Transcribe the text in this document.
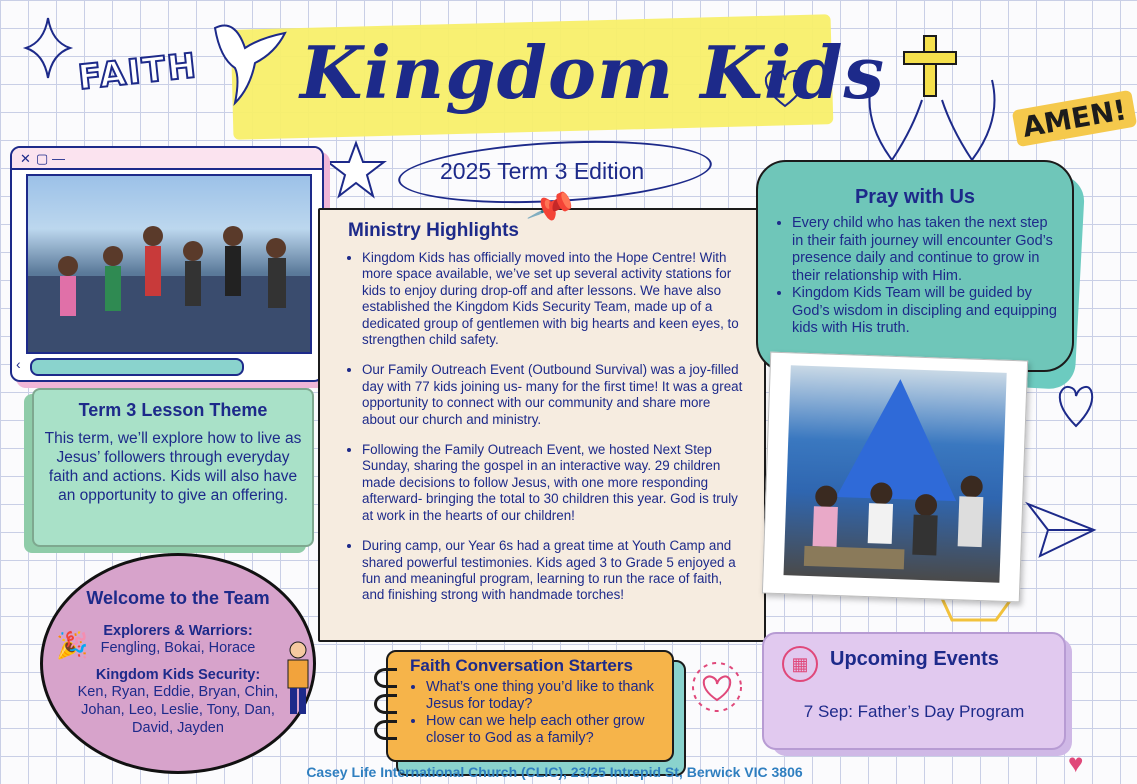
Kingdom Kids
FAITH
AMEN!
2025 Term 3 Edition
✕ ▢ —
‹
Term 3 Lesson Theme

This term, we’ll explore how to live as Jesus’ followers through everyday faith and actions. Kids will also have an opportunity to give an offering.

Welcome to the Team
Explorers & Warriors:
Fengling, Bokai, Horace
Kingdom Kids Security:
Ken, Ryan, Eddie, Bryan, Chin, Johan, Leo, Leslie, Tony, Dan, David, Jayden
🎉
Ministry Highlights
• Kingdom Kids has officially moved into the Hope Centre! With more space available, we’ve set up several activity stations for kids to enjoy during drop-off and after lessons. We have also established the Kingdom Kids Security Team, made up of a dedicated group of gentlemen with big hearts and keen eyes, to strengthen child safety.
• Our Family Outreach Event (Outbound Survival) was a joy-filled day with 77 kids joining us- many for the first time! It was a great opportunity to connect with our community and share more about our church and ministry.
• Following the Family Outreach Event, we hosted Next Step Sunday, sharing the gospel in an interactive way. 29 children made decisions to follow Jesus, with one more responding afterward- bringing the total to 30 children this year. God is truly at work in the hearts of our children!
• During camp, our Year 6s had a great time at Youth Camp and shared powerful testimonies. Kids aged 3 to Grade 5 enjoyed a fun and meaningful program, learning to run the race of faith, and finishing strong with handmade torches!
📌	Pray with Us
• Every child who has taken the next step in their faith journey will encounter God’s presence daily and continue to grow in their relationship with Him.
• Kingdom Kids Team will be guided by God’s wisdom in discipling and equipping kids with His truth.
Faith Conversation Starters
• What’s one thing you’d like to thank Jesus for today?
• How can we help each other grow closer to God as a family?
▦	Upcoming Events

7 Sep: Father’s Day Program

Casey Life International Church (CLIC), 23/25 Intrepid St, Berwick VIC 3806	♥
